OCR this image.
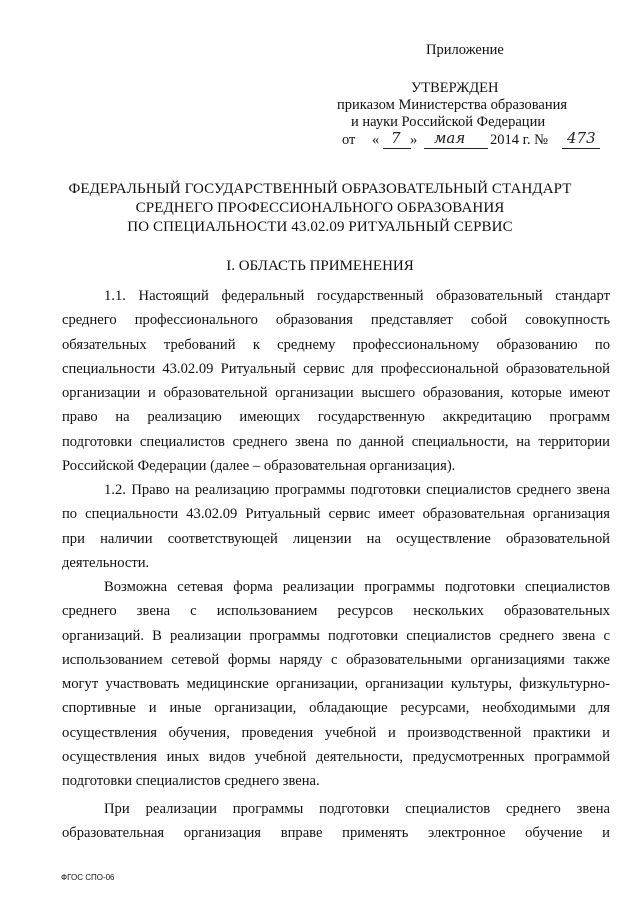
Приложение
УТВЕРЖДЕН
приказом Министерства образования
и науки Российской Федерации
от « 7 » мая 2014 г. № 473
ФЕДЕРАЛЬНЫЙ ГОСУДАРСТВЕННЫЙ ОБРАЗОВАТЕЛЬНЫЙ СТАНДАРТ
СРЕДНЕГО ПРОФЕССИОНАЛЬНОГО ОБРАЗОВАНИЯ
ПО СПЕЦИАЛЬНОСТИ 43.02.09 РИТУАЛЬНЫЙ СЕРВИС
I. ОБЛАСТЬ ПРИМЕНЕНИЯ
1.1. Настоящий федеральный государственный образовательный стандарт
среднего профессионального образования представляет собой совокупность
обязательных требований к среднему профессиональному образованию по
специальности 43.02.09 Ритуальный сервис для профессиональной образовательной
организации и образовательной организации высшего образования, которые имеют
право на реализацию имеющих государственную аккредитацию программ
подготовки специалистов среднего звена по данной специальности, на территории
Российской Федерации (далее – образовательная организация).
1.2. Право на реализацию программы подготовки специалистов среднего звена
по специальности 43.02.09 Ритуальный сервис имеет образовательная организация
при наличии соответствующей лицензии на осуществление образовательной
деятельности.
Возможна сетевая форма реализации программы подготовки специалистов
среднего звена с использованием ресурсов нескольких образовательных
организаций. В реализации программы подготовки специалистов среднего звена с
использованием сетевой формы наряду с образовательными организациями также
могут участвовать медицинские организации, организации культуры, физкультурно-
спортивные и иные организации, обладающие ресурсами, необходимыми для
осуществления обучения, проведения учебной и производственной практики и
осуществления иных видов учебной деятельности, предусмотренных программой
подготовки специалистов среднего звена.
При реализации программы подготовки специалистов среднего звена
образовательная организация вправе применять электронное обучение и
ФГОС СПО-06
